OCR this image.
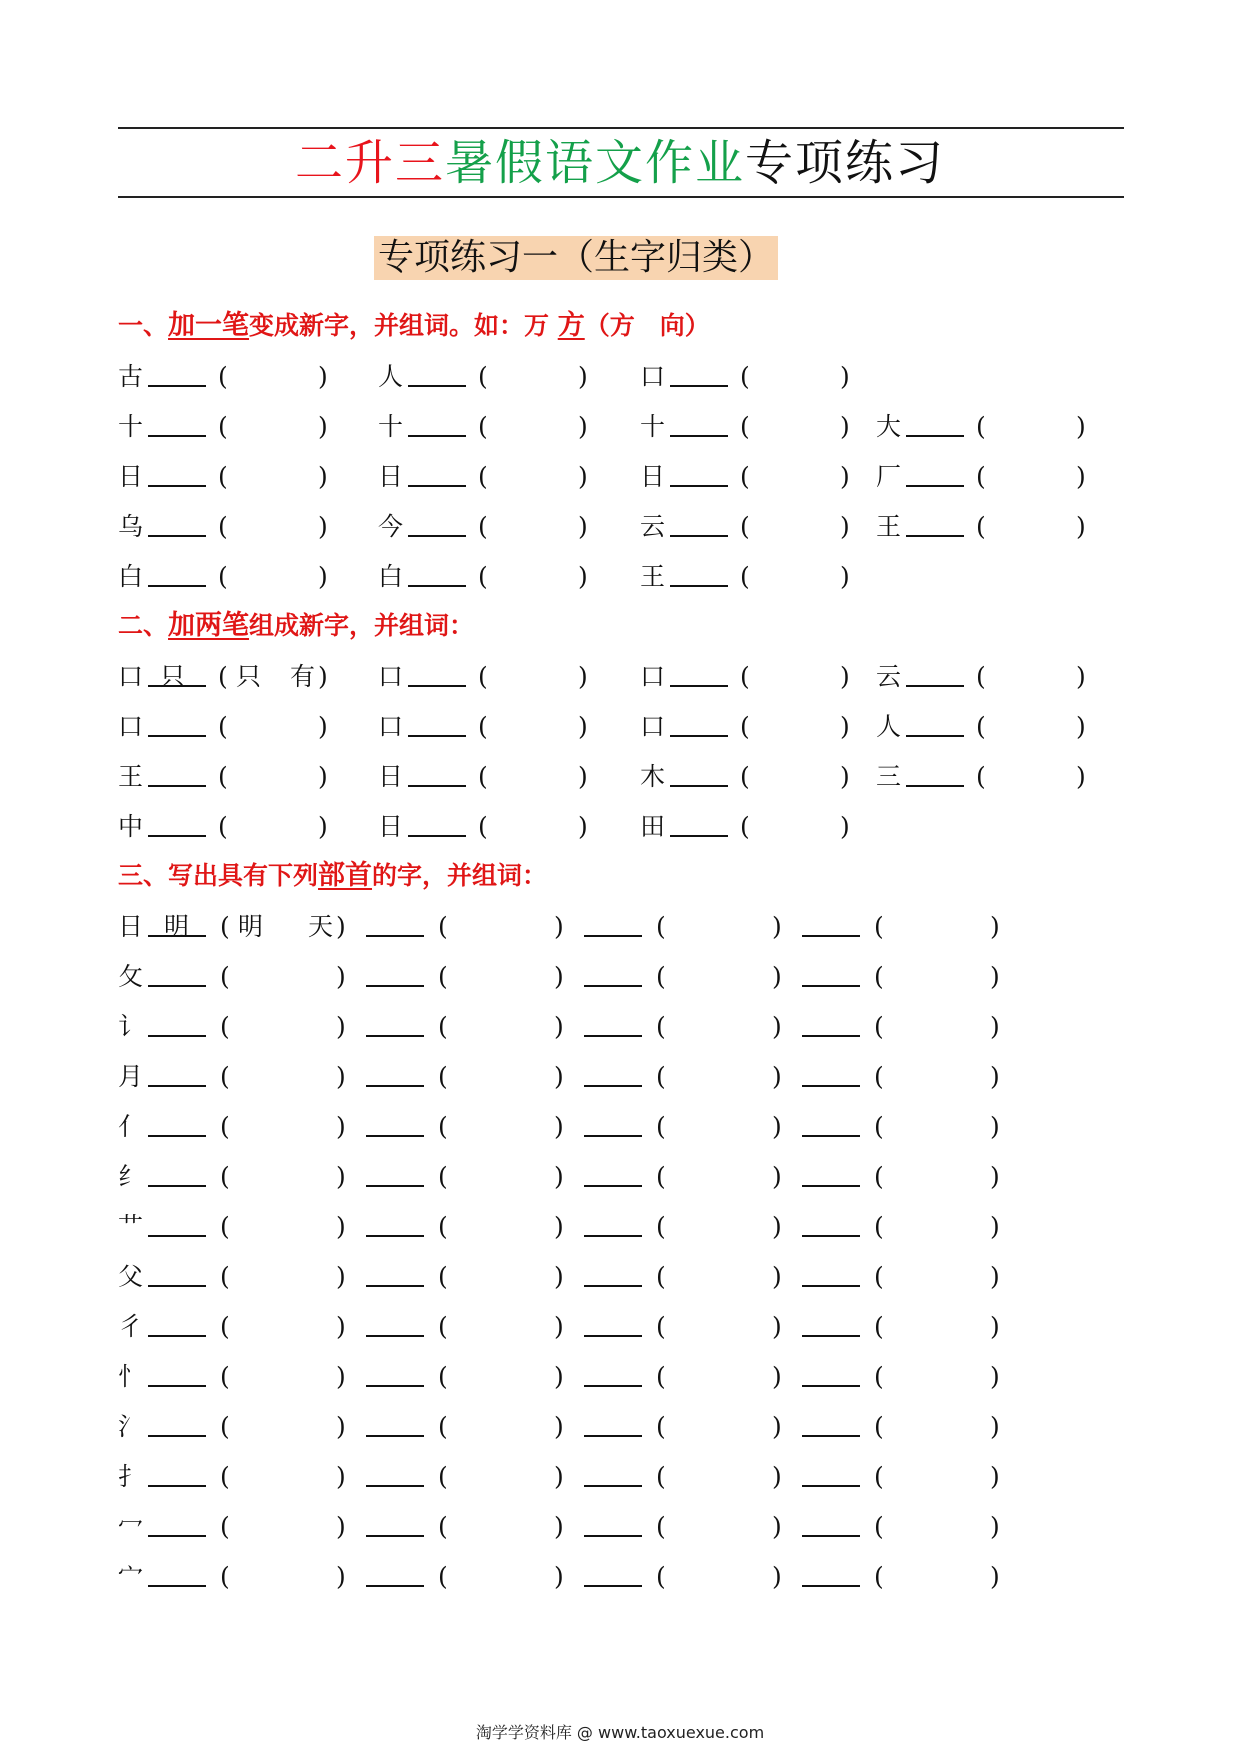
二升三暑假语文作业专项练习
专项练习一（生字归类）
一、加一笔变成新字，并组词。如：万 方（方　向）
古	(	) 人	(	) 口	(	)
十	(	) 十	(	) 十	(	) 大	(	)
日	(	) 日	(	) 日	(	) 厂	(	)
乌	(	) 今	(	) 云	(	) 王	(	)
白	(	) 白	(	) 王	(	)
二、加两笔组成新字，并组词：
口 只 ( 只 有 ) 口	(	) 口	(	) 云	(	)
口	(	) 口	(	) 口	(	) 人	(	)
王	(	) 日	(	) 木	(	) 三	(	)
中	(	) 日	(	) 田	(	)
三、写出具有下列部首的字，并组词：
日 明 ( 明 天 )	(	)	(	)	(	)
攵	(	)	(	)	(	)	(	)
讠	(	)	(	)	(	)	(	)
月	(	)	(	)	(	)	(	)
亻	(	)	(	)	(	)	(	)
纟	(	)	(	)	(	)	(	)
艹	(	)	(	)	(	)	(	)
父	(	)	(	)	(	)	(	)
彳	(	)	(	)	(	)	(	)
忄	(	)	(	)	(	)	(	)
氵	(	)	(	)	(	)	(	)
扌	(	)	(	)	(	)	(	)
冖	(	)	(	)	(	)	(	)
宀	(	)	(	)	(	)	(	)
淘学学资料库 @ www.taoxuexue.com
